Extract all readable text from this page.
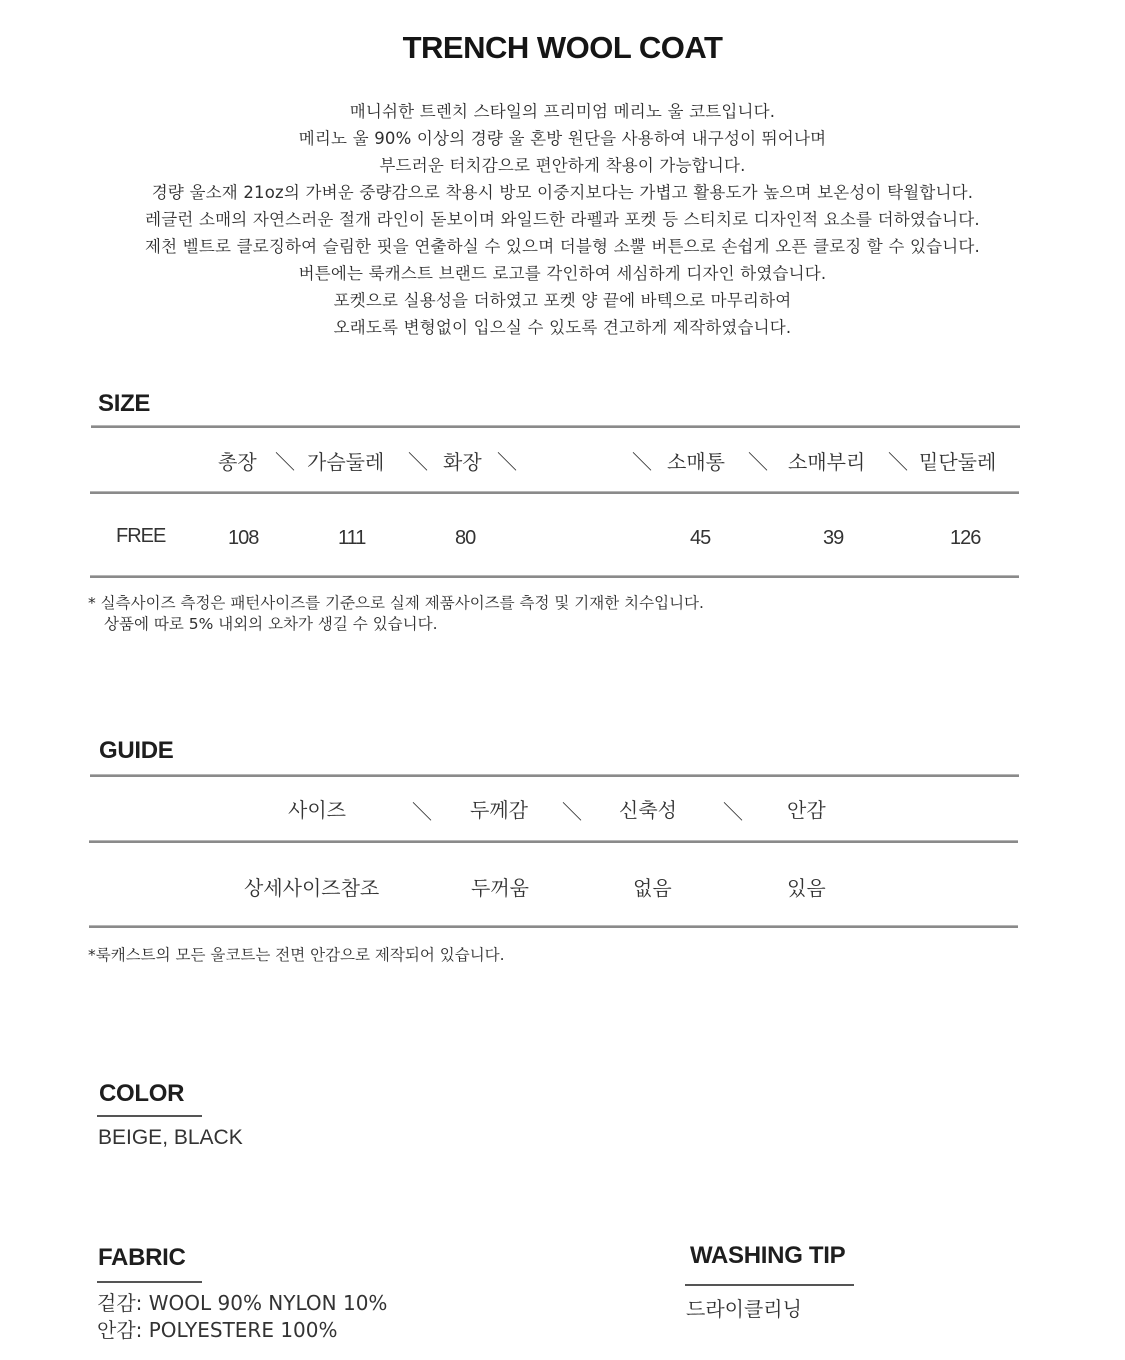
TRENCH WOOL COAT
매니쉬한 트렌치 스타일의 프리미엄 메리노 울 코트입니다.
메리노 울 90% 이상의 경량 울 혼방 원단을 사용하여 내구성이 뛰어나며
부드러운 터치감으로 편안하게 착용이 가능합니다.
경량 울소재 21oz의 가벼운 중량감으로 착용시 방모 이중지보다는 가볍고 활용도가 높으며 보온성이 탁월합니다.
레글런 소매의 자연스러운 절개 라인이 돋보이며 와일드한 라펠과 포켓 등 스티치로 디자인적 요소를 더하였습니다.
제천 벨트로 클로징하여 슬림한 핏을 연출하실 수 있으며 더블형 소뿔 버튼으로 손쉽게 오픈 클로징 할 수 있습니다.
버튼에는 룩캐스트 브랜드 로고를 각인하여 세심하게 디자인 하였습니다.
포켓으로 실용성을 더하였고 포켓 양 끝에 바텍으로 마무리하여
오래도록 변형없이 입으실 수 있도록 견고하게 제작하였습니다.
SIZE
총장 ＼ 가슴둘레 ＼ 화장 ＼	＼ 소매통 ＼ 소매부리 ＼ 밑단둘레
FREE	108	111	80	45	39	126
* 실측사이즈 측정은 패턴사이즈를 기준으로 실제 제품사이즈를 측정 및 기재한 치수입니다.
상품에 따로 5% 내외의 오차가 생길 수 있습니다.
GUIDE
사이즈	＼ 두께감 ＼ 신축성 ＼ 안감
상세사이즈참조	두꺼움	없음	있음
*룩캐스트의 모든 울코트는 전면 안감으로 제작되어 있습니다.
COLOR
BEIGE, BLACK
FABRIC
겉감: WOOL 90% NYLON 10%
안감: POLYESTERE 100%
WASHING TIP
드라이클리닝
